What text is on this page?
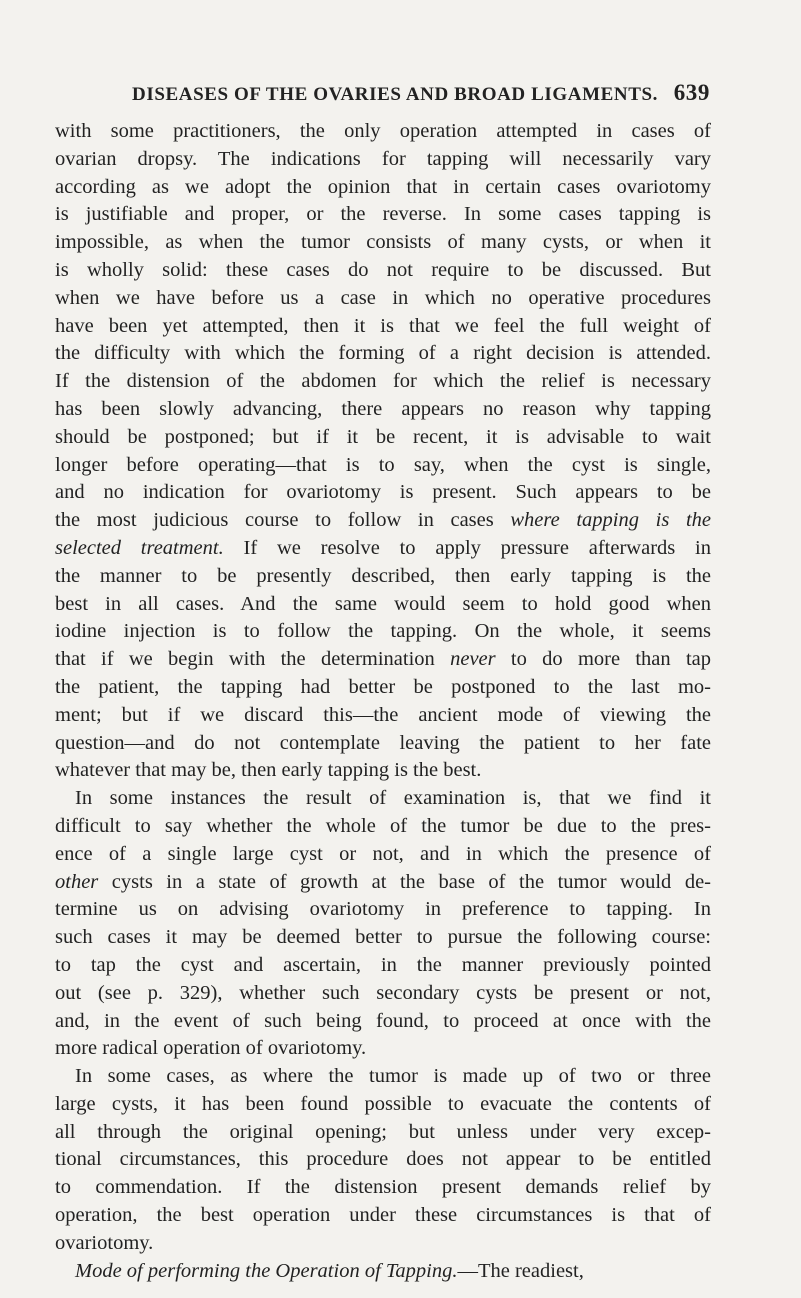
DISEASES OF THE OVARIES AND BROAD LIGAMENTS. 639

with some practitioners, the only operation attempted in cases of

ovarian dropsy. The indications for tapping will necessarily vary

according as we adopt the opinion that in certain cases ovariotomy

is justifiable and proper, or the reverse. In some cases tapping is

impossible, as when the tumor consists of many cysts, or when it

is wholly solid: these cases do not require to be discussed. But

when we have before us a case in which no operative procedures

have been yet attempted, then it is that we feel the full weight of

the difficulty with which the forming of a right decision is attended.

If the distension of the abdomen for which the relief is necessary

has been slowly advancing, there appears no reason why tapping

should be postponed; but if it be recent, it is advisable to wait

longer before operating—that is to say, when the cyst is single,

and no indication for ovariotomy is present. Such appears to be

the most judicious course to follow in cases where tapping is the

selected treatment. If we resolve to apply pressure afterwards in

the manner to be presently described, then early tapping is the

best in all cases. And the same would seem to hold good when

iodine injection is to follow the tapping. On the whole, it seems

that if we begin with the determination never to do more than tap

the patient, the tapping had better be postponed to the last mo-

ment; but if we discard this—the ancient mode of viewing the

question—and do not contemplate leaving the patient to her fate

whatever that may be, then early tapping is the best.

In some instances the result of examination is, that we find it

difficult to say whether the whole of the tumor be due to the pres-

ence of a single large cyst or not, and in which the presence of

other cysts in a state of growth at the base of the tumor would de-

termine us on advising ovariotomy in preference to tapping. In

such cases it may be deemed better to pursue the following course:

to tap the cyst and ascertain, in the manner previously pointed

out (see p. 329), whether such secondary cysts be present or not,

and, in the event of such being found, to proceed at once with the

more radical operation of ovariotomy.

In some cases, as where the tumor is made up of two or three

large cysts, it has been found possible to evacuate the contents of

all through the original opening; but unless under very excep-

tional circumstances, this procedure does not appear to be entitled

to commendation. If the distension present demands relief by

operation, the best operation under these circumstances is that of

ovariotomy.

Mode of performing the Operation of Tapping.—The readiest,
